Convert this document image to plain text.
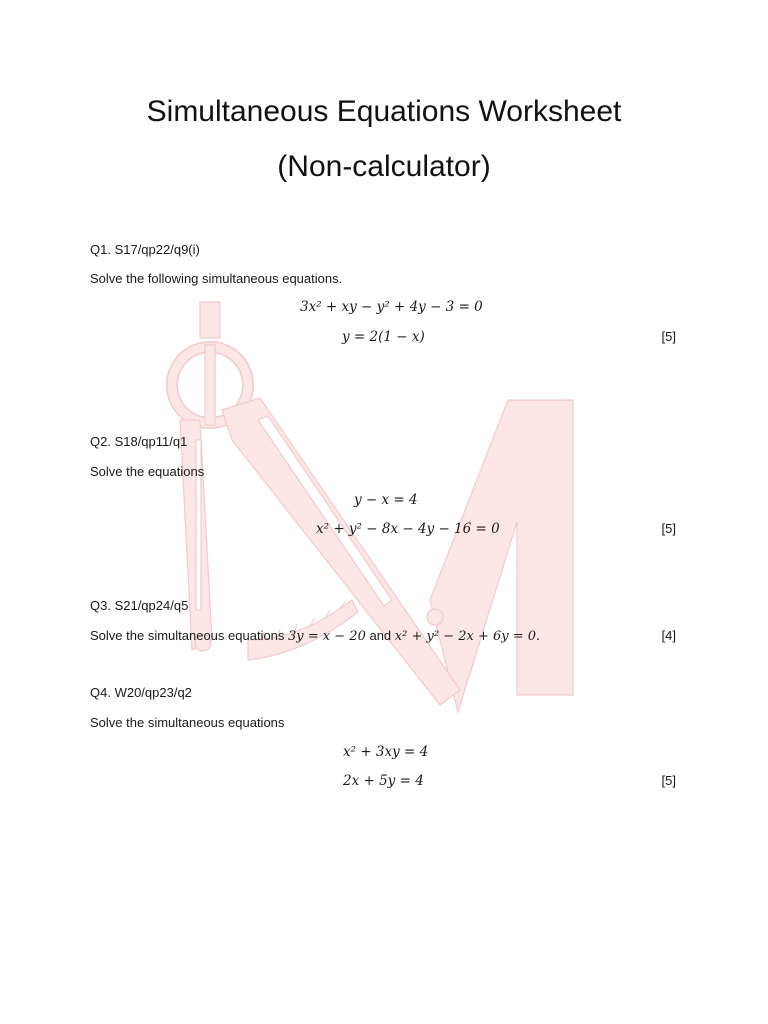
Simultaneous Equations Worksheet
(Non-calculator)
Q1. S17/qp22/q9(i)
Solve the following simultaneous equations.
3x² + xy − y² + 4y − 3 = 0
y = 2(1 − x)	[5]
Q2. S18/qp11/q1
Solve the equations
y − x = 4
x² + y² − 8x − 4y − 16 = 0	[5]
Q3. S21/qp24/q5
Solve the simultaneous equations 3y = x − 20 and x² + y² − 2x + 6y = 0.	[4]
Q4. W20/qp23/q2
Solve the simultaneous equations
x² + 3xy = 4
2x + 5y = 4	[5]
